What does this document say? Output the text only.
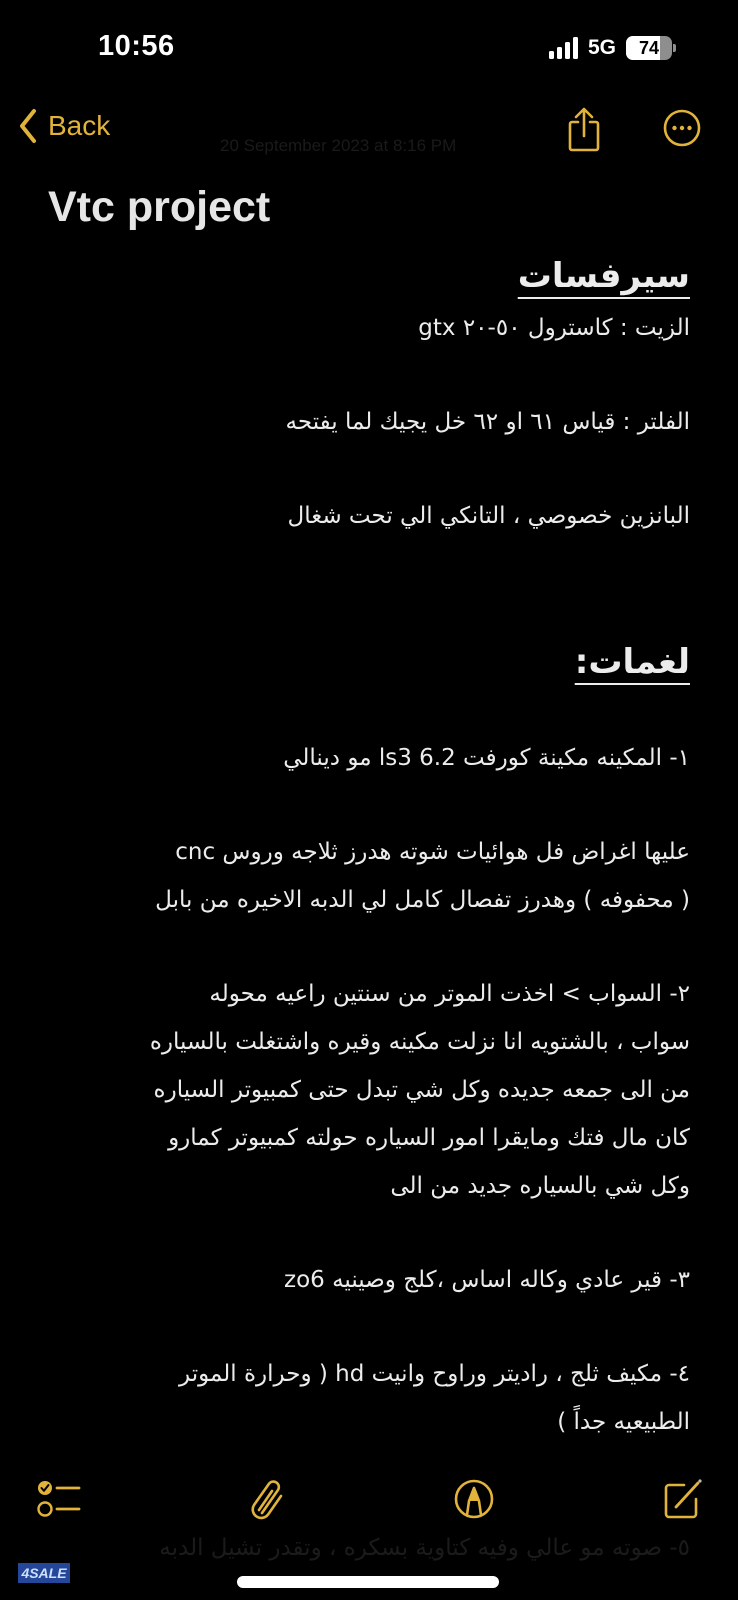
10:56	5G	74
Back
20 September 2023 at 8:16 PM
Vtc project
سيرفسات
الزيت : كاسترول ٥٠-٢٠ gtx
الفلتر : قياس ٦١ او ٦٢ خل يجيك لما يفتحه
البانزين خصوصي ، التانكي الي تحت شغال
لغمات:
١- المكينه مكينة كورفت 6.2 ls3 مو دينالي
عليها اغراض فل هوائيات شوته هدرز ثلاجه وروس cnc
( محفوفه ) وهدرز تفصال كامل لي الدبه الاخيره من بابل
٢- السواب > اخذت الموتر من سنتين راعيه محوله
سواب ، بالشتويه انا نزلت مكينه وقيره واشتغلت بالسياره
من الى جمعه جديده وكل شي تبدل حتى كمبيوتر السياره
كان مال فتك ومايقرا امور السياره حولته كمبيوتر كمارو
وكل شي بالسياره جديد من الى
٣- قير عادي وكاله اساس ،كلج وصينيه zo6
٤- مكيف ثلج ، راديتر وراوح وانيت hd ( وحرارة الموتر
الطبيعيه جداً )
٥- صوته مو عالي وفيه كتاوية بسكره ، وتقدر تشيل الدبه
4SALE
